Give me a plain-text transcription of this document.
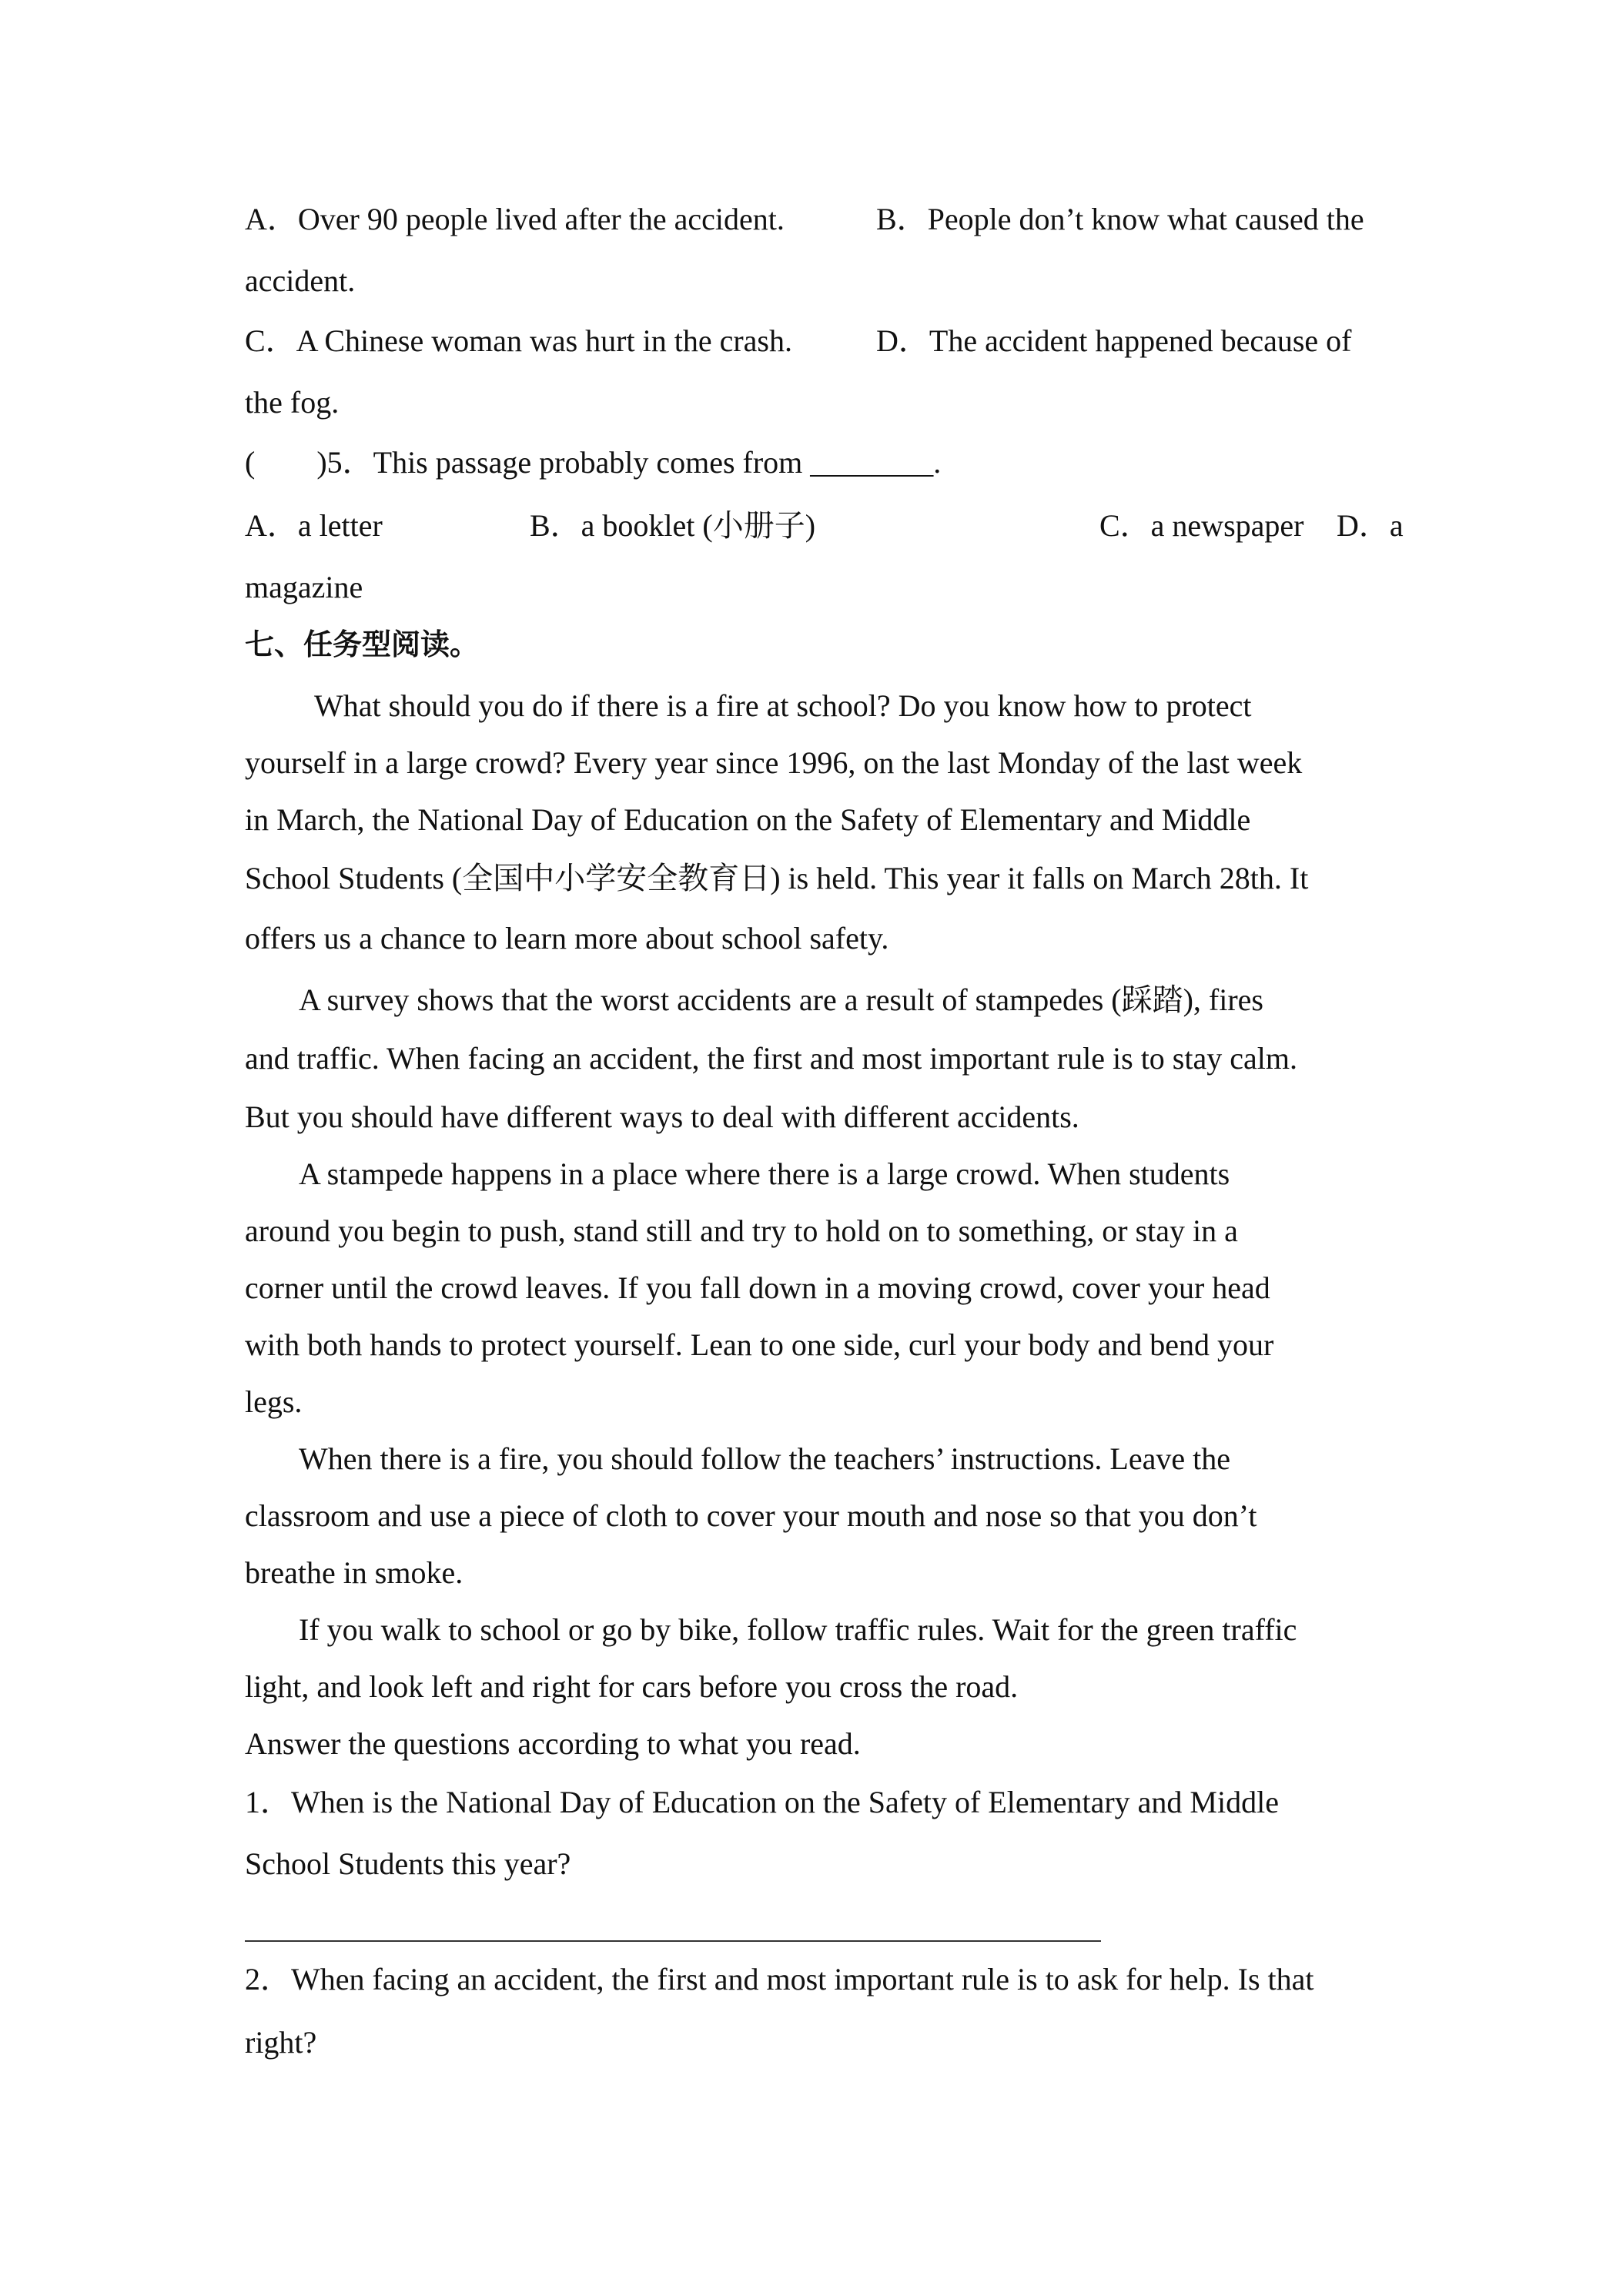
A．Over 90 people lived after the accident.	B．People don’t know what caused the
accident.
C．A Chinese woman was hurt in the crash.	D．The accident happened because of
the fog.
(        )5．This passage probably comes from ________.
A．a letter	B．a booklet (小册子)	C．a newspaper D．a
magazine
七、任务型阅读。
What should you do if there is a fire at school? Do you know how to protect
yourself in a large crowd? Every year since 1996, on the last Monday of the last week
in March, the National Day of Education on the Safety of Elementary and Middle
School Students (全国中小学安全教育日) is held. This year it falls on March 28th. It
offers us a chance to learn more about school safety.
A survey shows that the worst accidents are a result of stampedes (踩踏), fires
and traffic. When facing an accident, the first and most important rule is to stay calm.
But you should have different ways to deal with different accidents.
A stampede happens in a place where there is a large crowd. When students
around you begin to push, stand still and try to hold on to something, or stay in a
corner until the crowd leaves. If you fall down in a moving crowd, cover your head
with both hands to protect yourself. Lean to one side, curl your body and bend your
legs.
When there is a fire, you should follow the teachers’ instructions. Leave the
classroom and use a piece of cloth to cover your mouth and nose so that you don’t
breathe in smoke.
If you walk to school or go by bike, follow traffic rules. Wait for the green traffic
light, and look left and right for cars before you cross the road.
Answer the questions according to what you read.
1．When is the National Day of Education on the Safety of Elementary and Middle
School Students this year?
2．When facing an accident, the first and most important rule is to ask for help. Is that
right?
